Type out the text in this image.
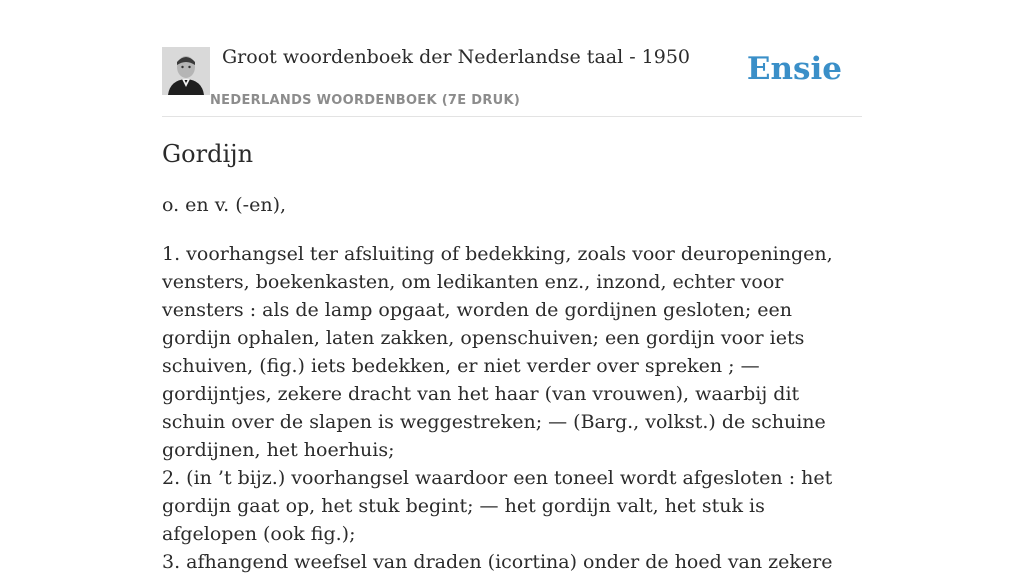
Groot woordenboek der Nederlandse taal - 1950
NEDERLANDS WOORDENBOEK (7E DRUK)
Ensie
Gordijn

o. en v. (-en),

1. voorhangsel ter afsluiting of bedekking, zoals voor deuropeningen, vensters, boekenkasten, om ledikanten enz., inzond, echter voor vensters : als de lamp opgaat, worden de gordijnen gesloten; een gordijn ophalen, laten zakken, openschuiven; een gordijn voor iets schuiven, (fig.) iets bedekken, er niet verder over spreken ; — gordijntjes, zekere dracht van het haar (van vrouwen), waarbij dit schuin over de slapen is weggestreken; — (Barg., volkst.) de schuine gordijnen, het hoerhuis;

2. (in ’t bijz.) voorhangsel waardoor een toneel wordt afgesloten : het gordijn gaat op, het stuk begint; — het gordijn valt, het stuk is afgelopen (ook fig.);

3. afhangend weefsel van draden (icortina) onder de hoed van zekere
